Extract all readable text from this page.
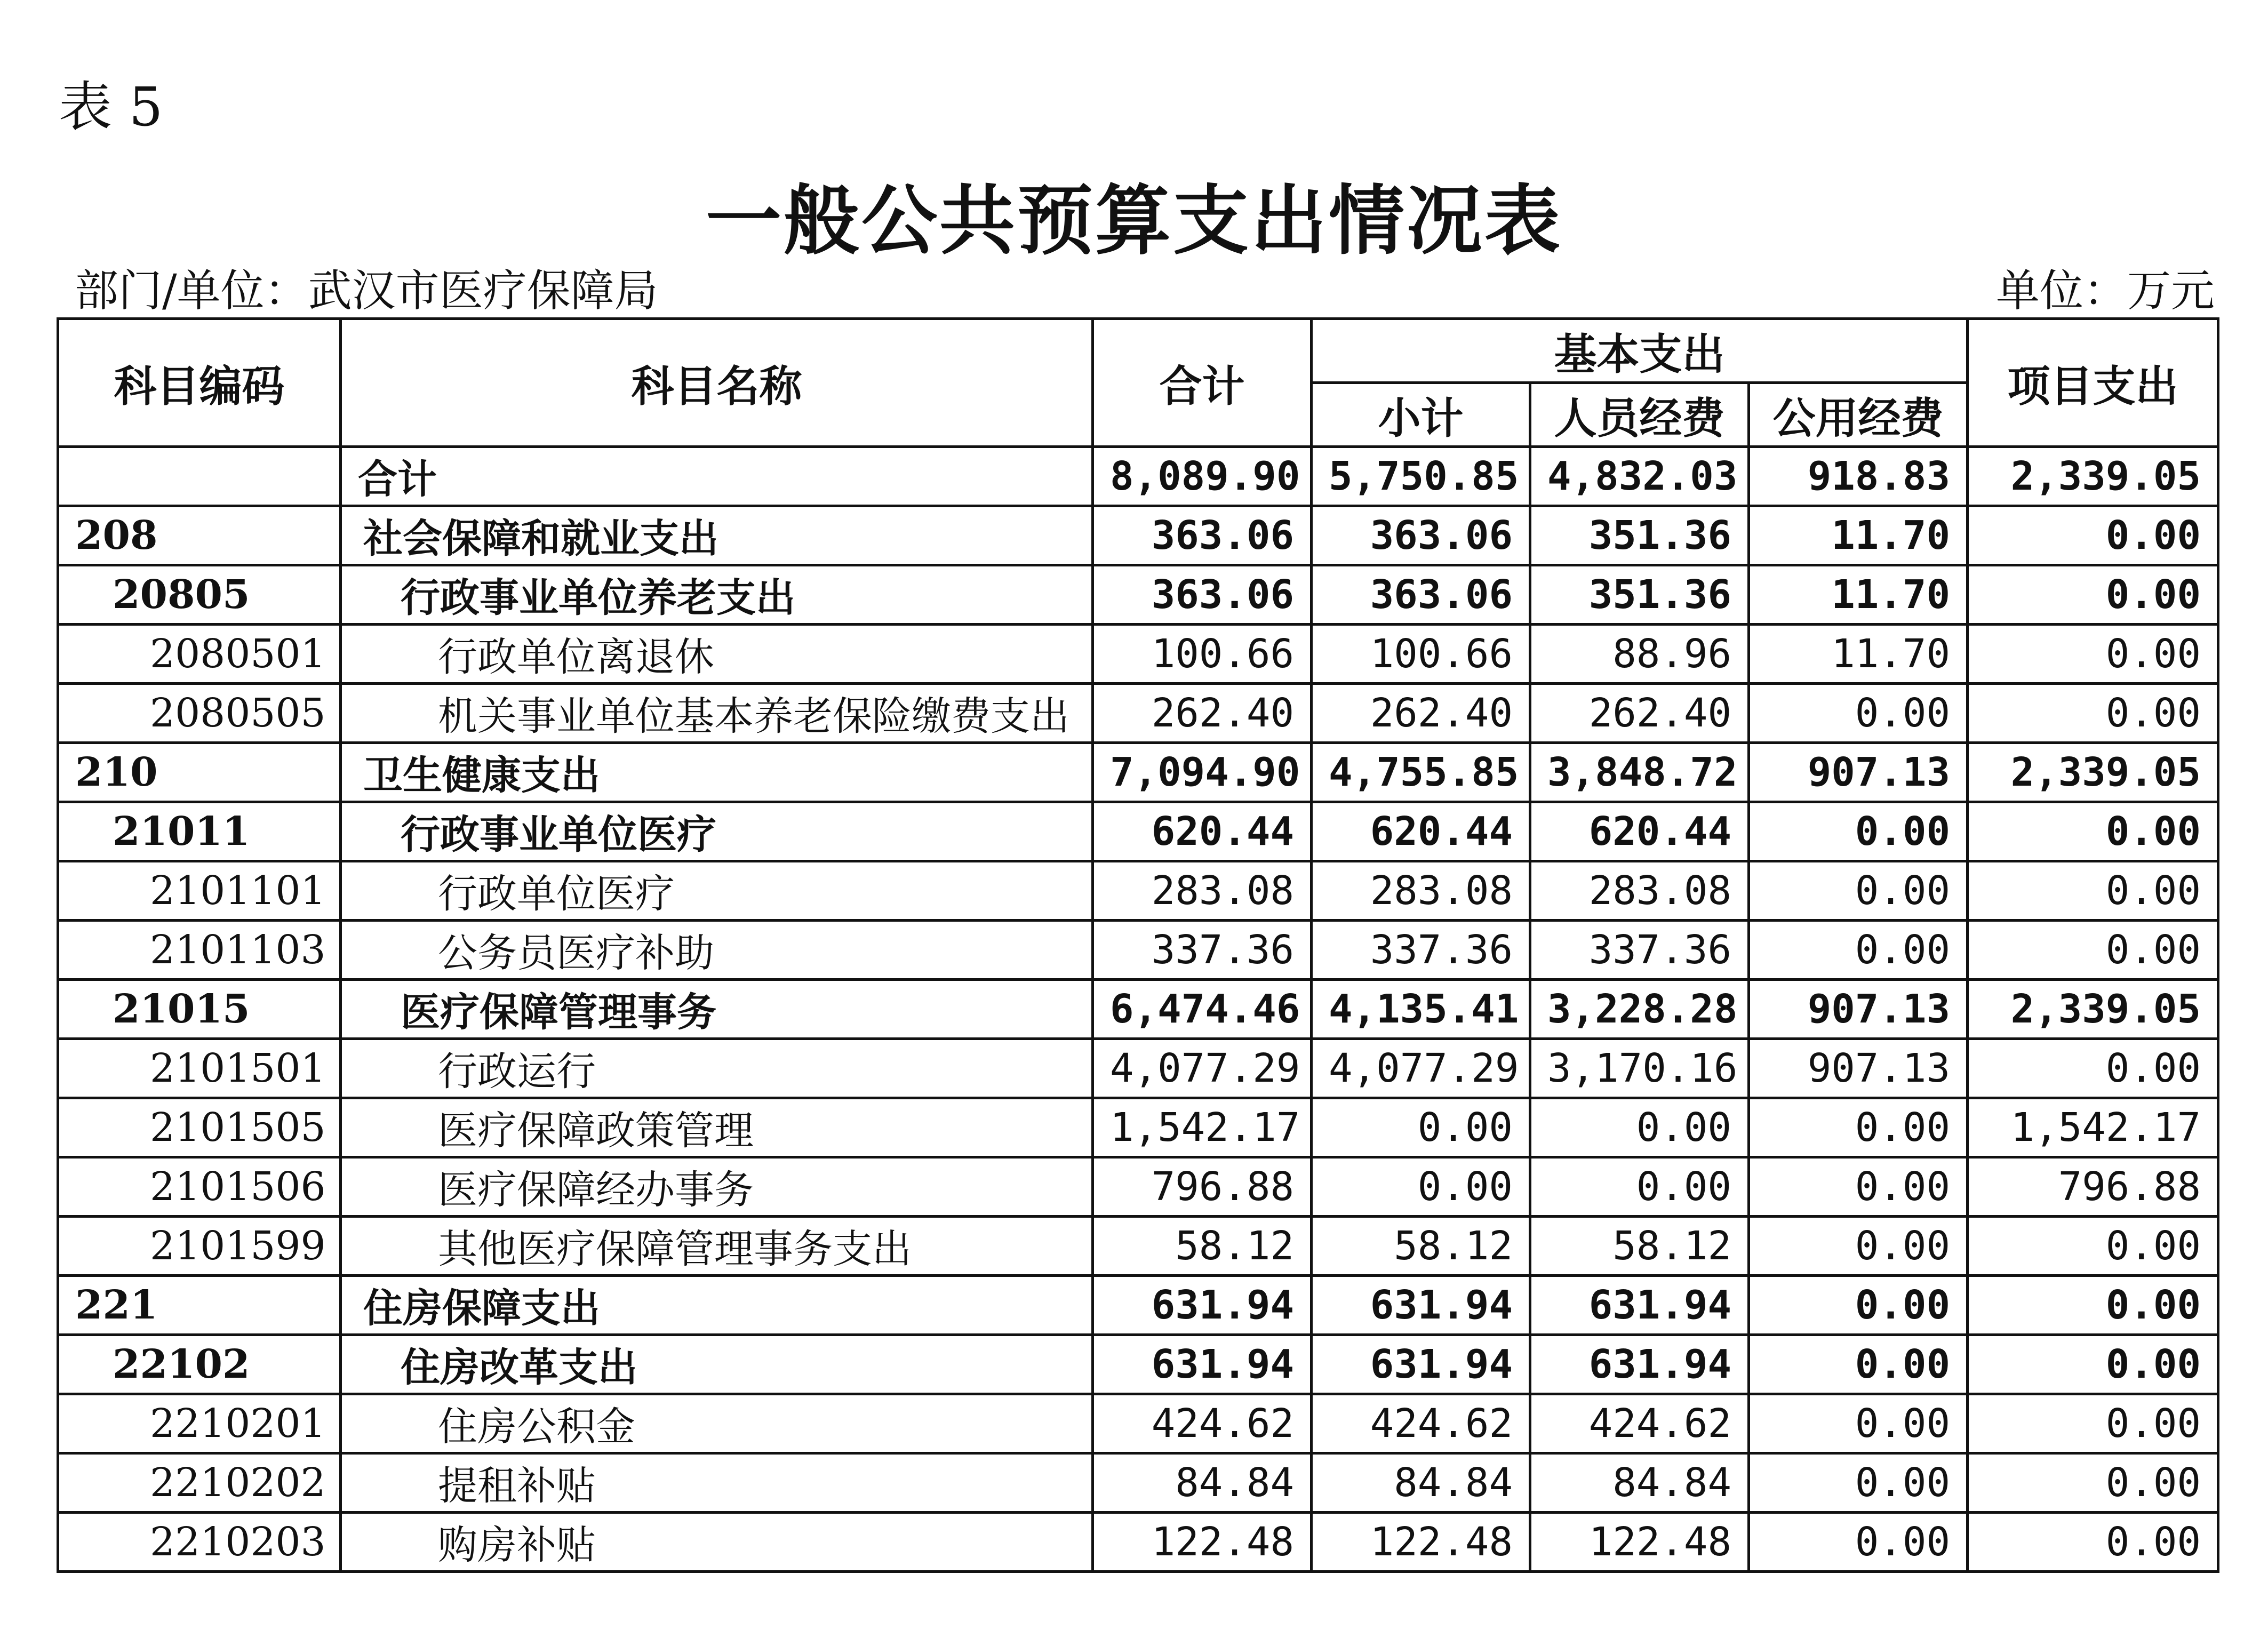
表 5
一般公共预算支出情况表
部门/单位：武汉市医疗保障局	单位：万元
科目编码	科目名称	合计	基本支出			项目支出
			小计	人员经费	公用经费	
	合计	8,089.90	5,750.85	4,832.03	918.83	2,339.05
208	社会保障和就业支出	363.06	363.06	351.36	11.70	0.00
20805	行政事业单位养老支出	363.06	363.06	351.36	11.70	0.00
2080501	行政单位离退休	100.66	100.66	88.96	11.70	0.00
2080505	机关事业单位基本养老保险缴费支出	262.40	262.40	262.40	0.00	0.00
210	卫生健康支出	7,094.90	4,755.85	3,848.72	907.13	2,339.05
21011	行政事业单位医疗	620.44	620.44	620.44	0.00	0.00
2101101	行政单位医疗	283.08	283.08	283.08	0.00	0.00
2101103	公务员医疗补助	337.36	337.36	337.36	0.00	0.00
21015	医疗保障管理事务	6,474.46	4,135.41	3,228.28	907.13	2,339.05
2101501	行政运行	4,077.29	4,077.29	3,170.16	907.13	0.00
2101505	医疗保障政策管理	1,542.17	0.00	0.00	0.00	1,542.17
2101506	医疗保障经办事务	796.88	0.00	0.00	0.00	796.88
2101599	其他医疗保障管理事务支出	58.12	58.12	58.12	0.00	0.00
221	住房保障支出	631.94	631.94	631.94	0.00	0.00
22102	住房改革支出	631.94	631.94	631.94	0.00	0.00
2210201	住房公积金	424.62	424.62	424.62	0.00	0.00
2210202	提租补贴	84.84	84.84	84.84	0.00	0.00
2210203	购房补贴	122.48	122.48	122.48	0.00	0.00
